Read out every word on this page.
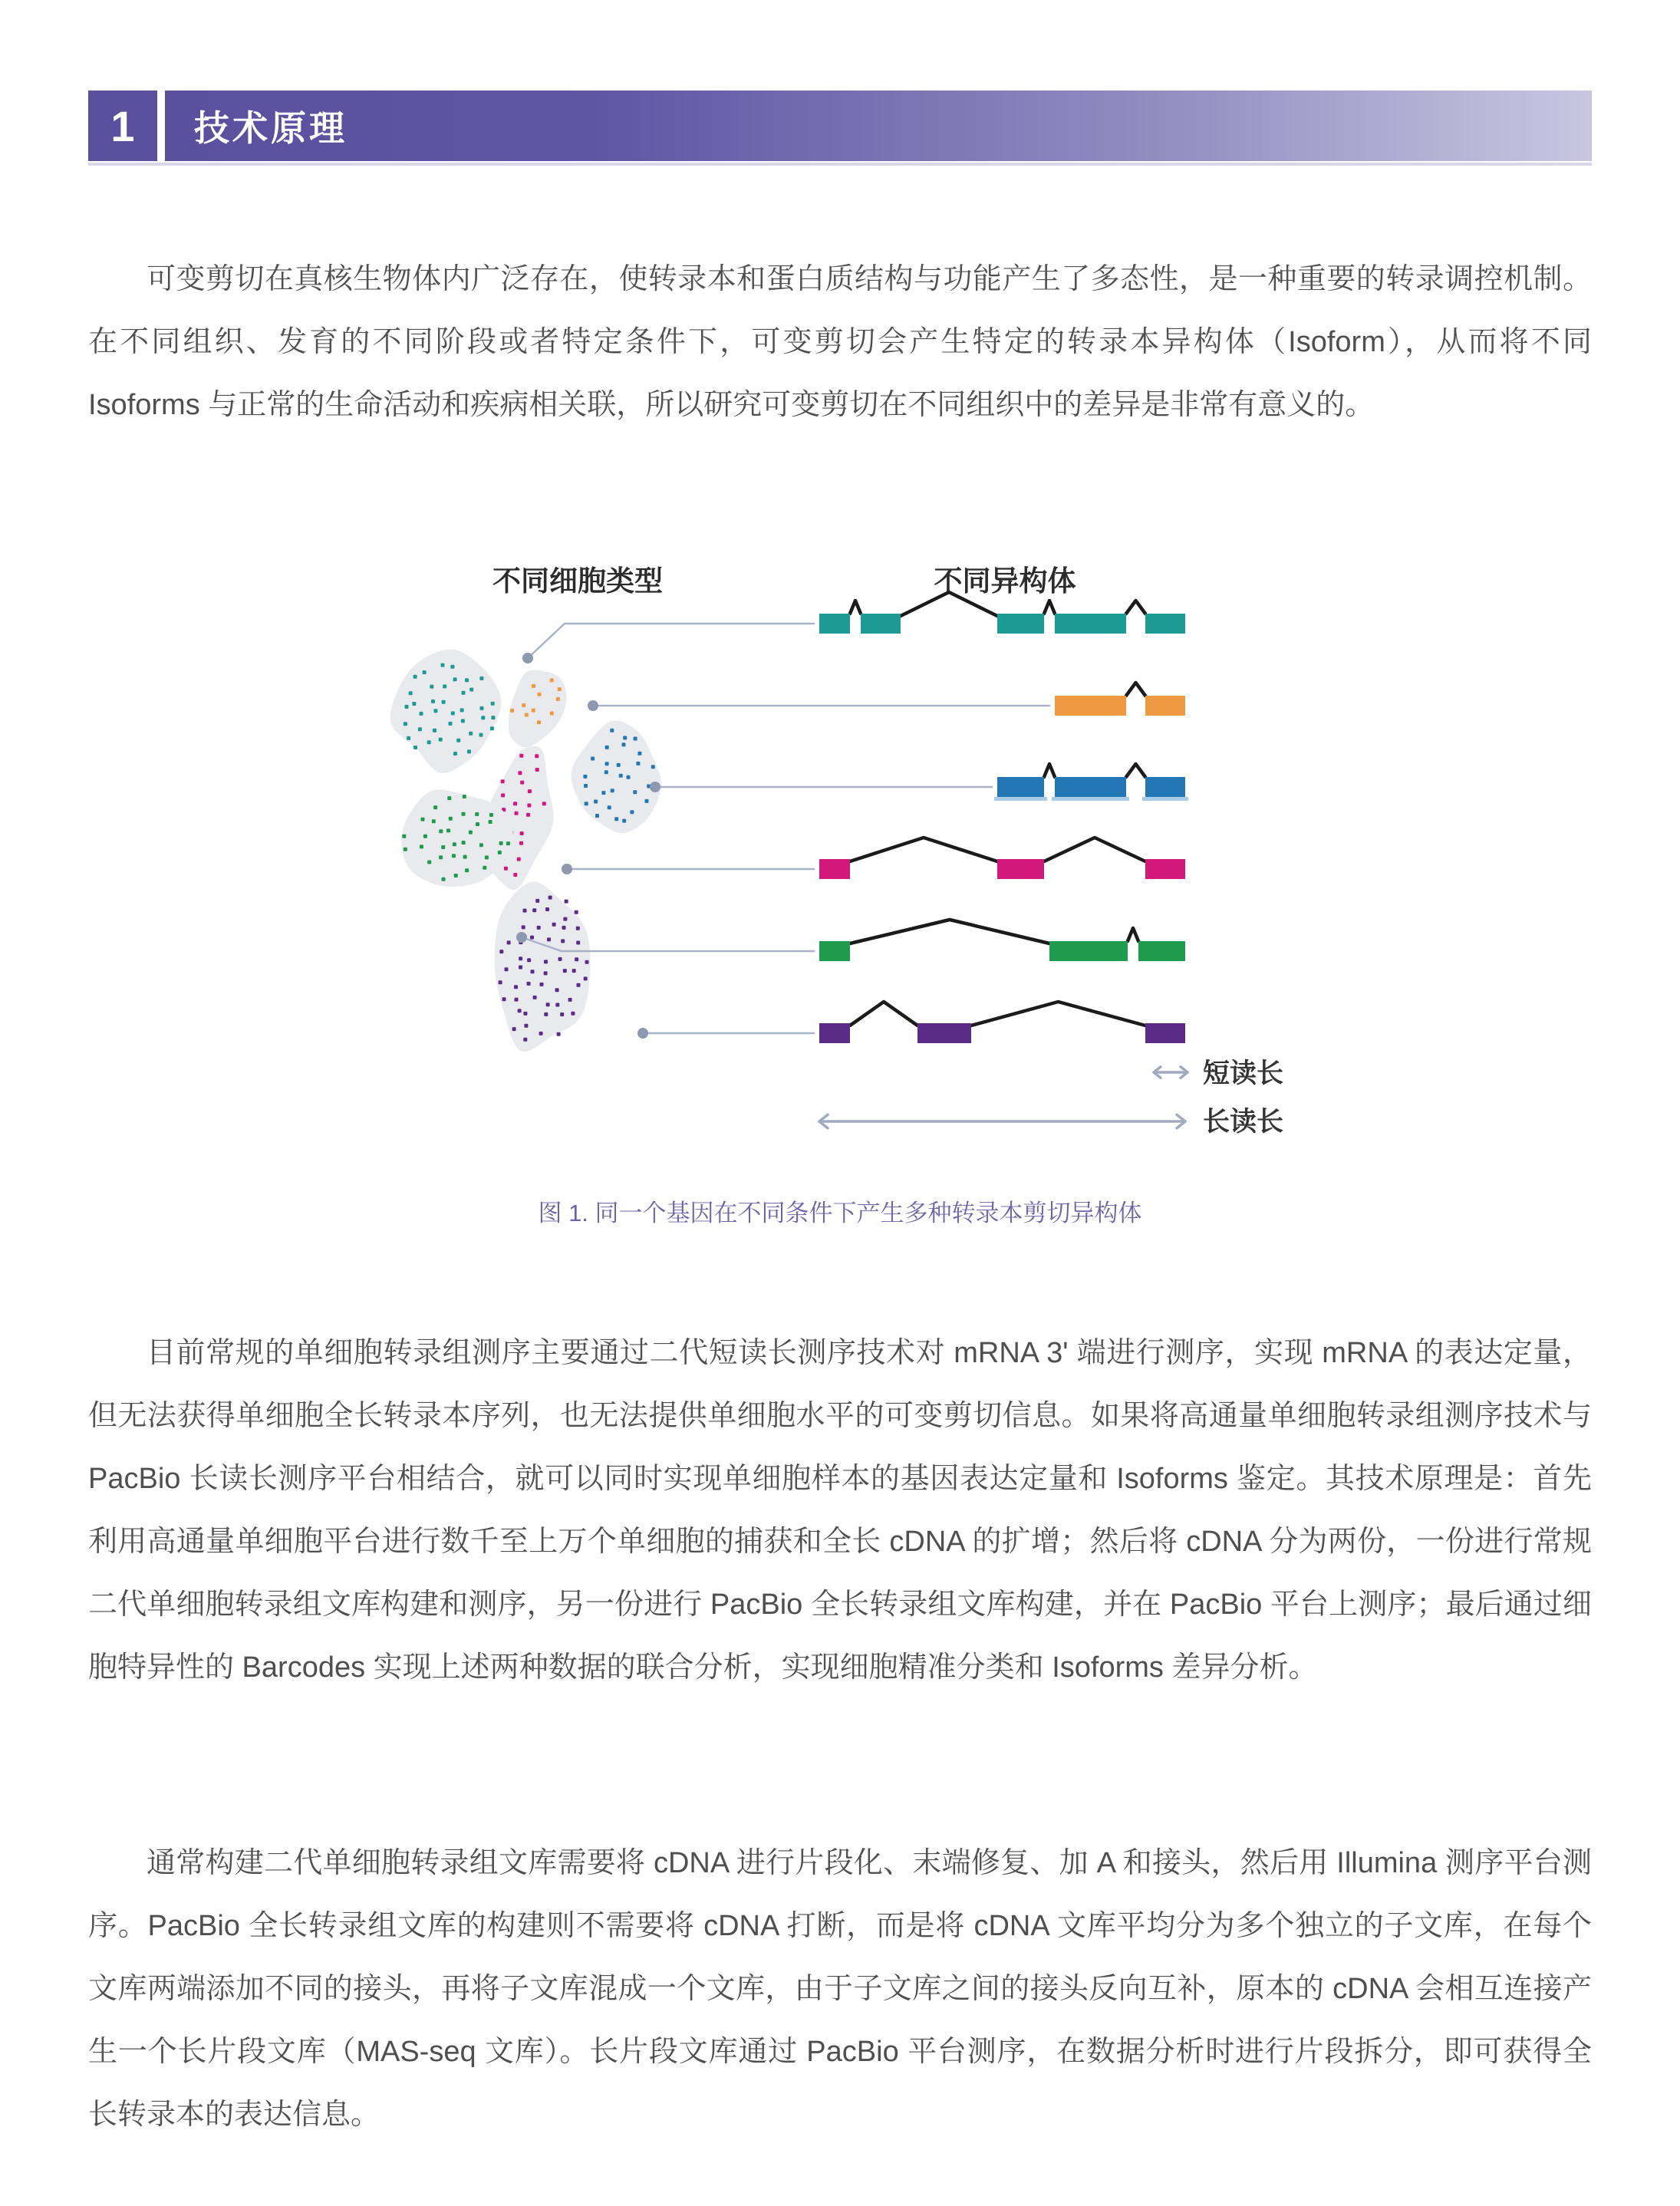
1	技术原理

可变剪切在真核生物体内广泛存在，使转录本和蛋白质结构与功能产生了多态性，是一种重要的转录调控机制。在不同组织、发育的不同阶段或者特定条件下，可变剪切会产生特定的转录本异构体（Isoform），从而将不同 Isoforms 与正常的生命活动和疾病相关联，所以研究可变剪切在不同组织中的差异是非常有意义的。

不同细胞类型	不同异构体
短读长
长读长

图 1. 同一个基因在不同条件下产生多种转录本剪切异构体

目前常规的单细胞转录组测序主要通过二代短读长测序技术对 mRNA 3' 端进行测序，实现 mRNA 的表达定量，但无法获得单细胞全长转录本序列，也无法提供单细胞水平的可变剪切信息。如果将高通量单细胞转录组测序技术与 PacBio 长读长测序平台相结合，就可以同时实现单细胞样本的基因表达定量和 Isoforms 鉴定。其技术原理是：首先利用高通量单细胞平台进行数千至上万个单细胞的捕获和全长 cDNA 的扩增；然后将 cDNA 分为两份，一份进行常规二代单细胞转录组文库构建和测序，另一份进行 PacBio 全长转录组文库构建，并在 PacBio 平台上测序；最后通过细胞特异性的 Barcodes 实现上述两种数据的联合分析，实现细胞精准分类和 Isoforms 差异分析。

通常构建二代单细胞转录组文库需要将 cDNA 进行片段化、末端修复、加 A 和接头，然后用 Illumina 测序平台测序。PacBio 全长转录组文库的构建则不需要将 cDNA 打断，而是将 cDNA 文库平均分为多个独立的子文库，在每个文库两端添加不同的接头，再将子文库混成一个文库，由于子文库之间的接头反向互补，原本的 cDNA 会相互连接产生一个长片段文库（MAS-seq 文库）。长片段文库通过 PacBio 平台测序，在数据分析时进行片段拆分，即可获得全长转录本的表达信息。
